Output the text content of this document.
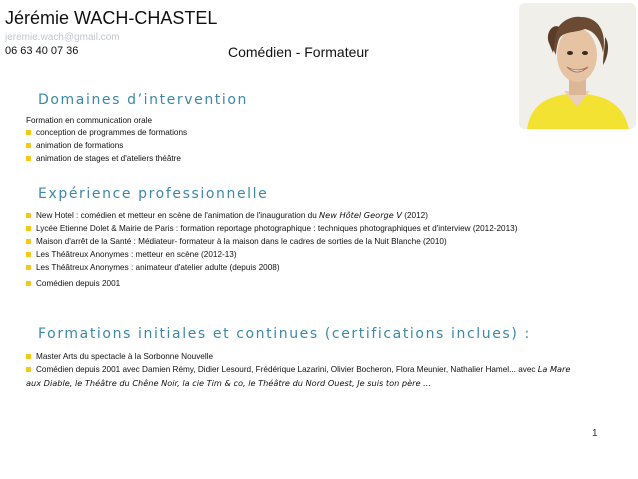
Jérémie WACH-CHASTEL
jeremie.wach@gmail.com
06 63 40 07 36	Comédien - Formateur
Domaines d’intervention
Formation en communication orale
conception de programmes de formations
animation de formations
animation de stages et d'ateliers théâtre
Expérience professionnelle
New Hotel : comédien et metteur en scène de l'animation de l'inauguration du New Hôtel George V (2012)
Lycée Etienne Dolet & Mairie de Paris : formation reportage photographique : techniques photographiques et d'interview (2012-2013)
Maison d'arrêt de la Santé : Médiateur- formateur à la maison dans le cadres de sorties de la Nuit Blanche (2010)
Les Théâtreux Anonymes : metteur en scène (2012-13)
Les Théâtreux Anonymes : animateur d'atelier adulte (depuis 2008)
Comédien depuis 2001
Formations initiales et continues (certifications inclues) :
Master Arts du spectacle à la Sorbonne Nouvelle
Comédien depuis 2001 avec Damien Rémy, Didier Lesourd, Frédérique Lazarini, Olivier Bocheron, Flora Meunier, Nathalier Hamel... avec La Mare
aux Diable, le Théâtre du Chêne Noir, la cie Tim & co, le Théâtre du Nord Ouest, Je suis ton père ...
1
